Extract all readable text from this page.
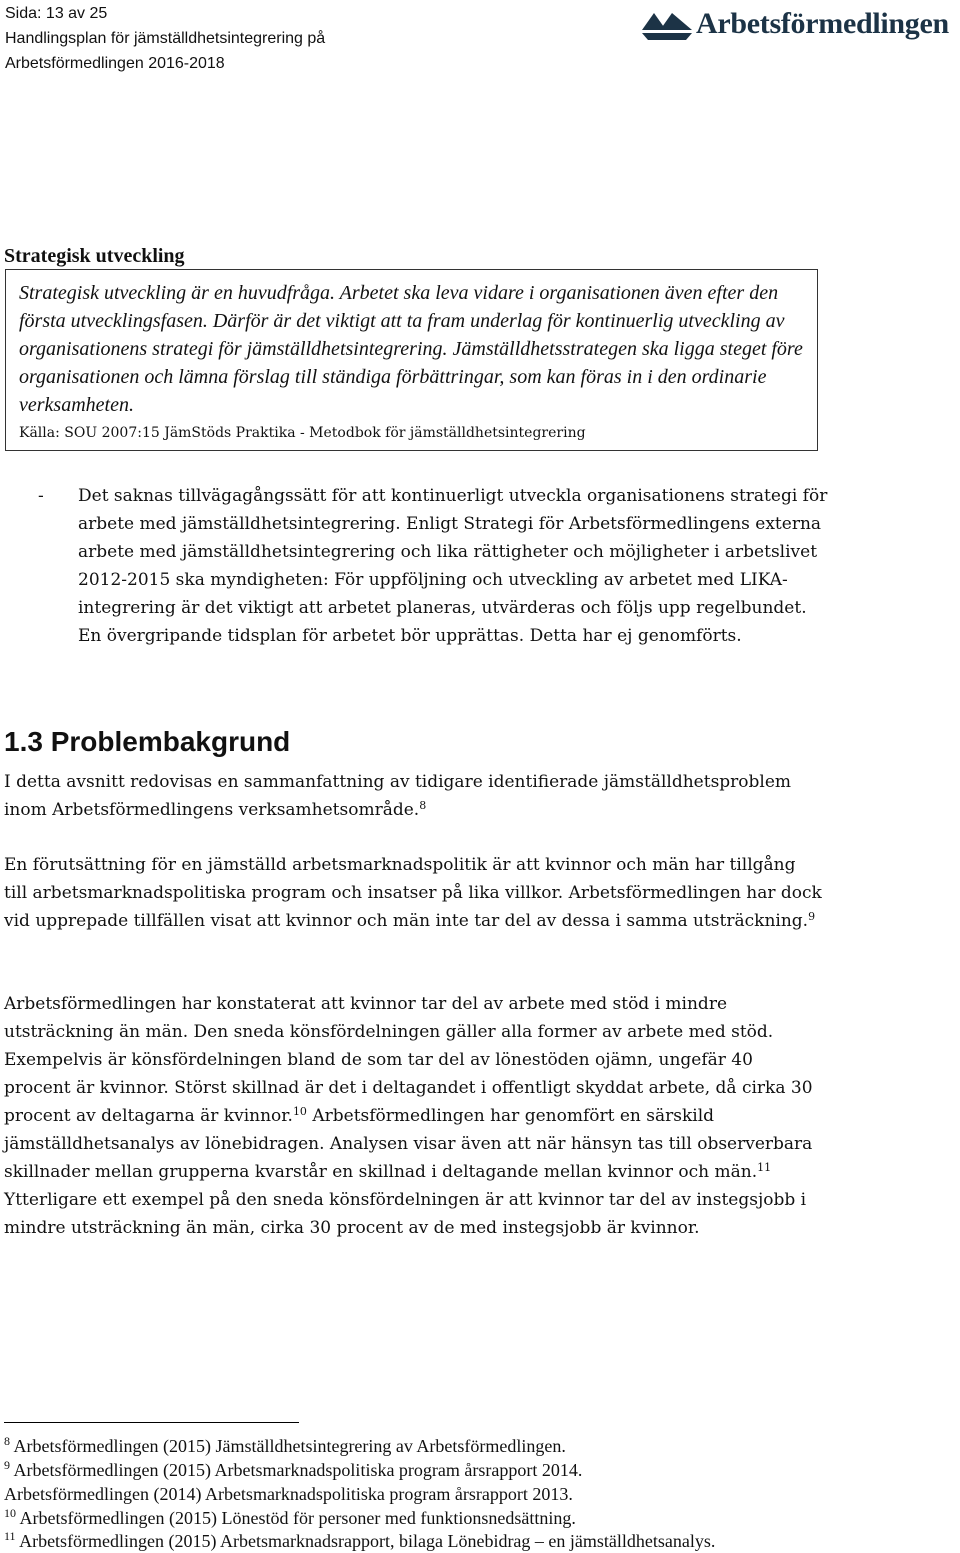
Sida: 13 av 25
Handlingsplan för jämställdhetsintegrering på
Arbetsförmedlingen 2016-2018
Arbetsförmedlingen
Strategisk utveckling
Strategisk utveckling är en huvudfråga. Arbetet ska leva vidare i organisationen även efter den första utvecklingsfasen. Därför är det viktigt att ta fram underlag för kontinuerlig utveckling av organisationens strategi för jämställdhetsintegrering. Jämställdhetsstrategen ska ligga steget före organisationen och lämna förslag till ständiga förbättringar, som kan föras in i den ordinarie verksamheten.
Källa: SOU 2007:15 JämStöds Praktika - Metodbok för jämställdhetsintegrering
- Det saknas tillvägagångssätt för att kontinuerligt utveckla organisationens strategi för arbete med jämställdhetsintegrering. Enligt Strategi för Arbetsförmedlingens externa arbete med jämställdhetsintegrering och lika rättigheter och möjligheter i arbetslivet 2012-2015 ska myndigheten: För uppföljning och utveckling av arbetet med LIKA-integrering är det viktigt att arbetet planeras, utvärderas och följs upp regelbundet. En övergripande tidsplan för arbetet bör upprättas. Detta har ej genomförts.
1.3 Problembakgrund
I detta avsnitt redovisas en sammanfattning av tidigare identifierade jämställdhetsproblem inom Arbetsförmedlingens verksamhetsområde.$^8$
En förutsättning för en jämställd arbetsmarknadspolitik är att kvinnor och män har tillgång till arbetsmarknadspolitiska program och insatser på lika villkor. Arbetsförmedlingen har dock vid upprepade tillfällen visat att kvinnor och män inte tar del av dessa i samma utsträckning.$^9$
Arbetsförmedlingen har konstaterat att kvinnor tar del av arbete med stöd i mindre utsträckning än män. Den sneda könsfördelningen gäller alla former av arbete med stöd. Exempelvis är könsfördelningen bland de som tar del av lönestöden ojämn, ungefär 40 procent är kvinnor. Störst skillnad är det i deltagandet i offentligt skyddat arbete, då cirka 30 procent av deltagarna är kvinnor.$^{10}$ Arbetsförmedlingen har genomfört en särskild jämställdhetsanalys av lönebidragen. Analysen visar även att när hänsyn tas till observerbara skillnader mellan grupperna kvarstår en skillnad i deltagande mellan kvinnor och män.$^{11}$ Ytterligare ett exempel på den sneda könsfördelningen är att kvinnor tar del av instegsjobb i mindre utsträckning än män, cirka 30 procent av de med instegsjobb är kvinnor.
$^8$ Arbetsförmedlingen (2015) Jämställdhetsintegrering av Arbetsförmedlingen.
$^9$ Arbetsförmedlingen (2015) Arbetsmarknadspolitiska program årsrapport 2014.
Arbetsförmedlingen (2014) Arbetsmarknadspolitiska program årsrapport 2013.
$^{10}$ Arbetsförmedlingen (2015) Lönestöd för personer med funktionsnedsättning.
$^{11}$ Arbetsförmedlingen (2015) Arbetsmarknadsrapport, bilaga Lönebidrag – en jämställdhetsanalys.
